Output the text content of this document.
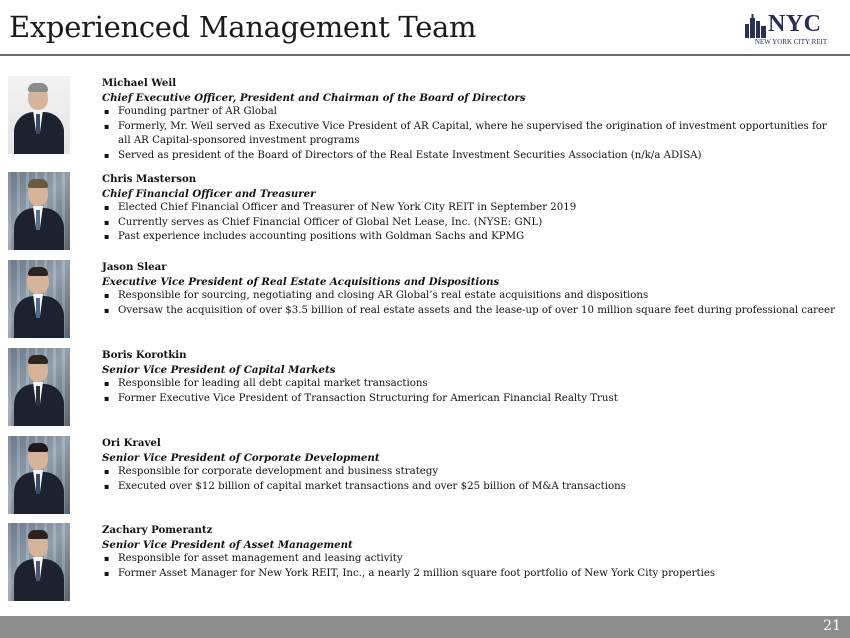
Experienced Management Team	NYC
NEW YORK CITY REIT
Michael Weil
Chief Executive Officer, President and Chairman of the Board of Directors
▪ Founding partner of AR Global
▪ Formerly, Mr. Weil served as Executive Vice President of AR Capital, where he supervised the origination of investment opportunities for all AR Capital-sponsored investment programs
▪ Served as president of the Board of Directors of the Real Estate Investment Securities Association (n/k/a ADISA)
Chris Masterson
Chief Financial Officer and Treasurer
▪ Elected Chief Financial Officer and Treasurer of New York City REIT in September 2019
▪ Currently serves as Chief Financial Officer of Global Net Lease, Inc. (NYSE: GNL)
▪ Past experience includes accounting positions with Goldman Sachs and KPMG
Jason Slear
Executive Vice President of Real Estate Acquisitions and Dispositions
▪ Responsible for sourcing, negotiating and closing AR Global’s real estate acquisitions and dispositions
▪ Oversaw the acquisition of over $3.5 billion of real estate assets and the lease-up of over 10 million square feet during professional career
Boris Korotkin
Senior Vice President of Capital Markets
▪ Responsible for leading all debt capital market transactions
▪ Former Executive Vice President of Transaction Structuring for American Financial Realty Trust
Ori Kravel
Senior Vice President of Corporate Development
▪ Responsible for corporate development and business strategy
▪ Executed over $12 billion of capital market transactions and over $25 billion of M&A transactions
Zachary Pomerantz
Senior Vice President of Asset Management
▪ Responsible for asset management and leasing activity
▪ Former Asset Manager for New York REIT, Inc., a nearly 2 million square foot portfolio of New York City properties
21
